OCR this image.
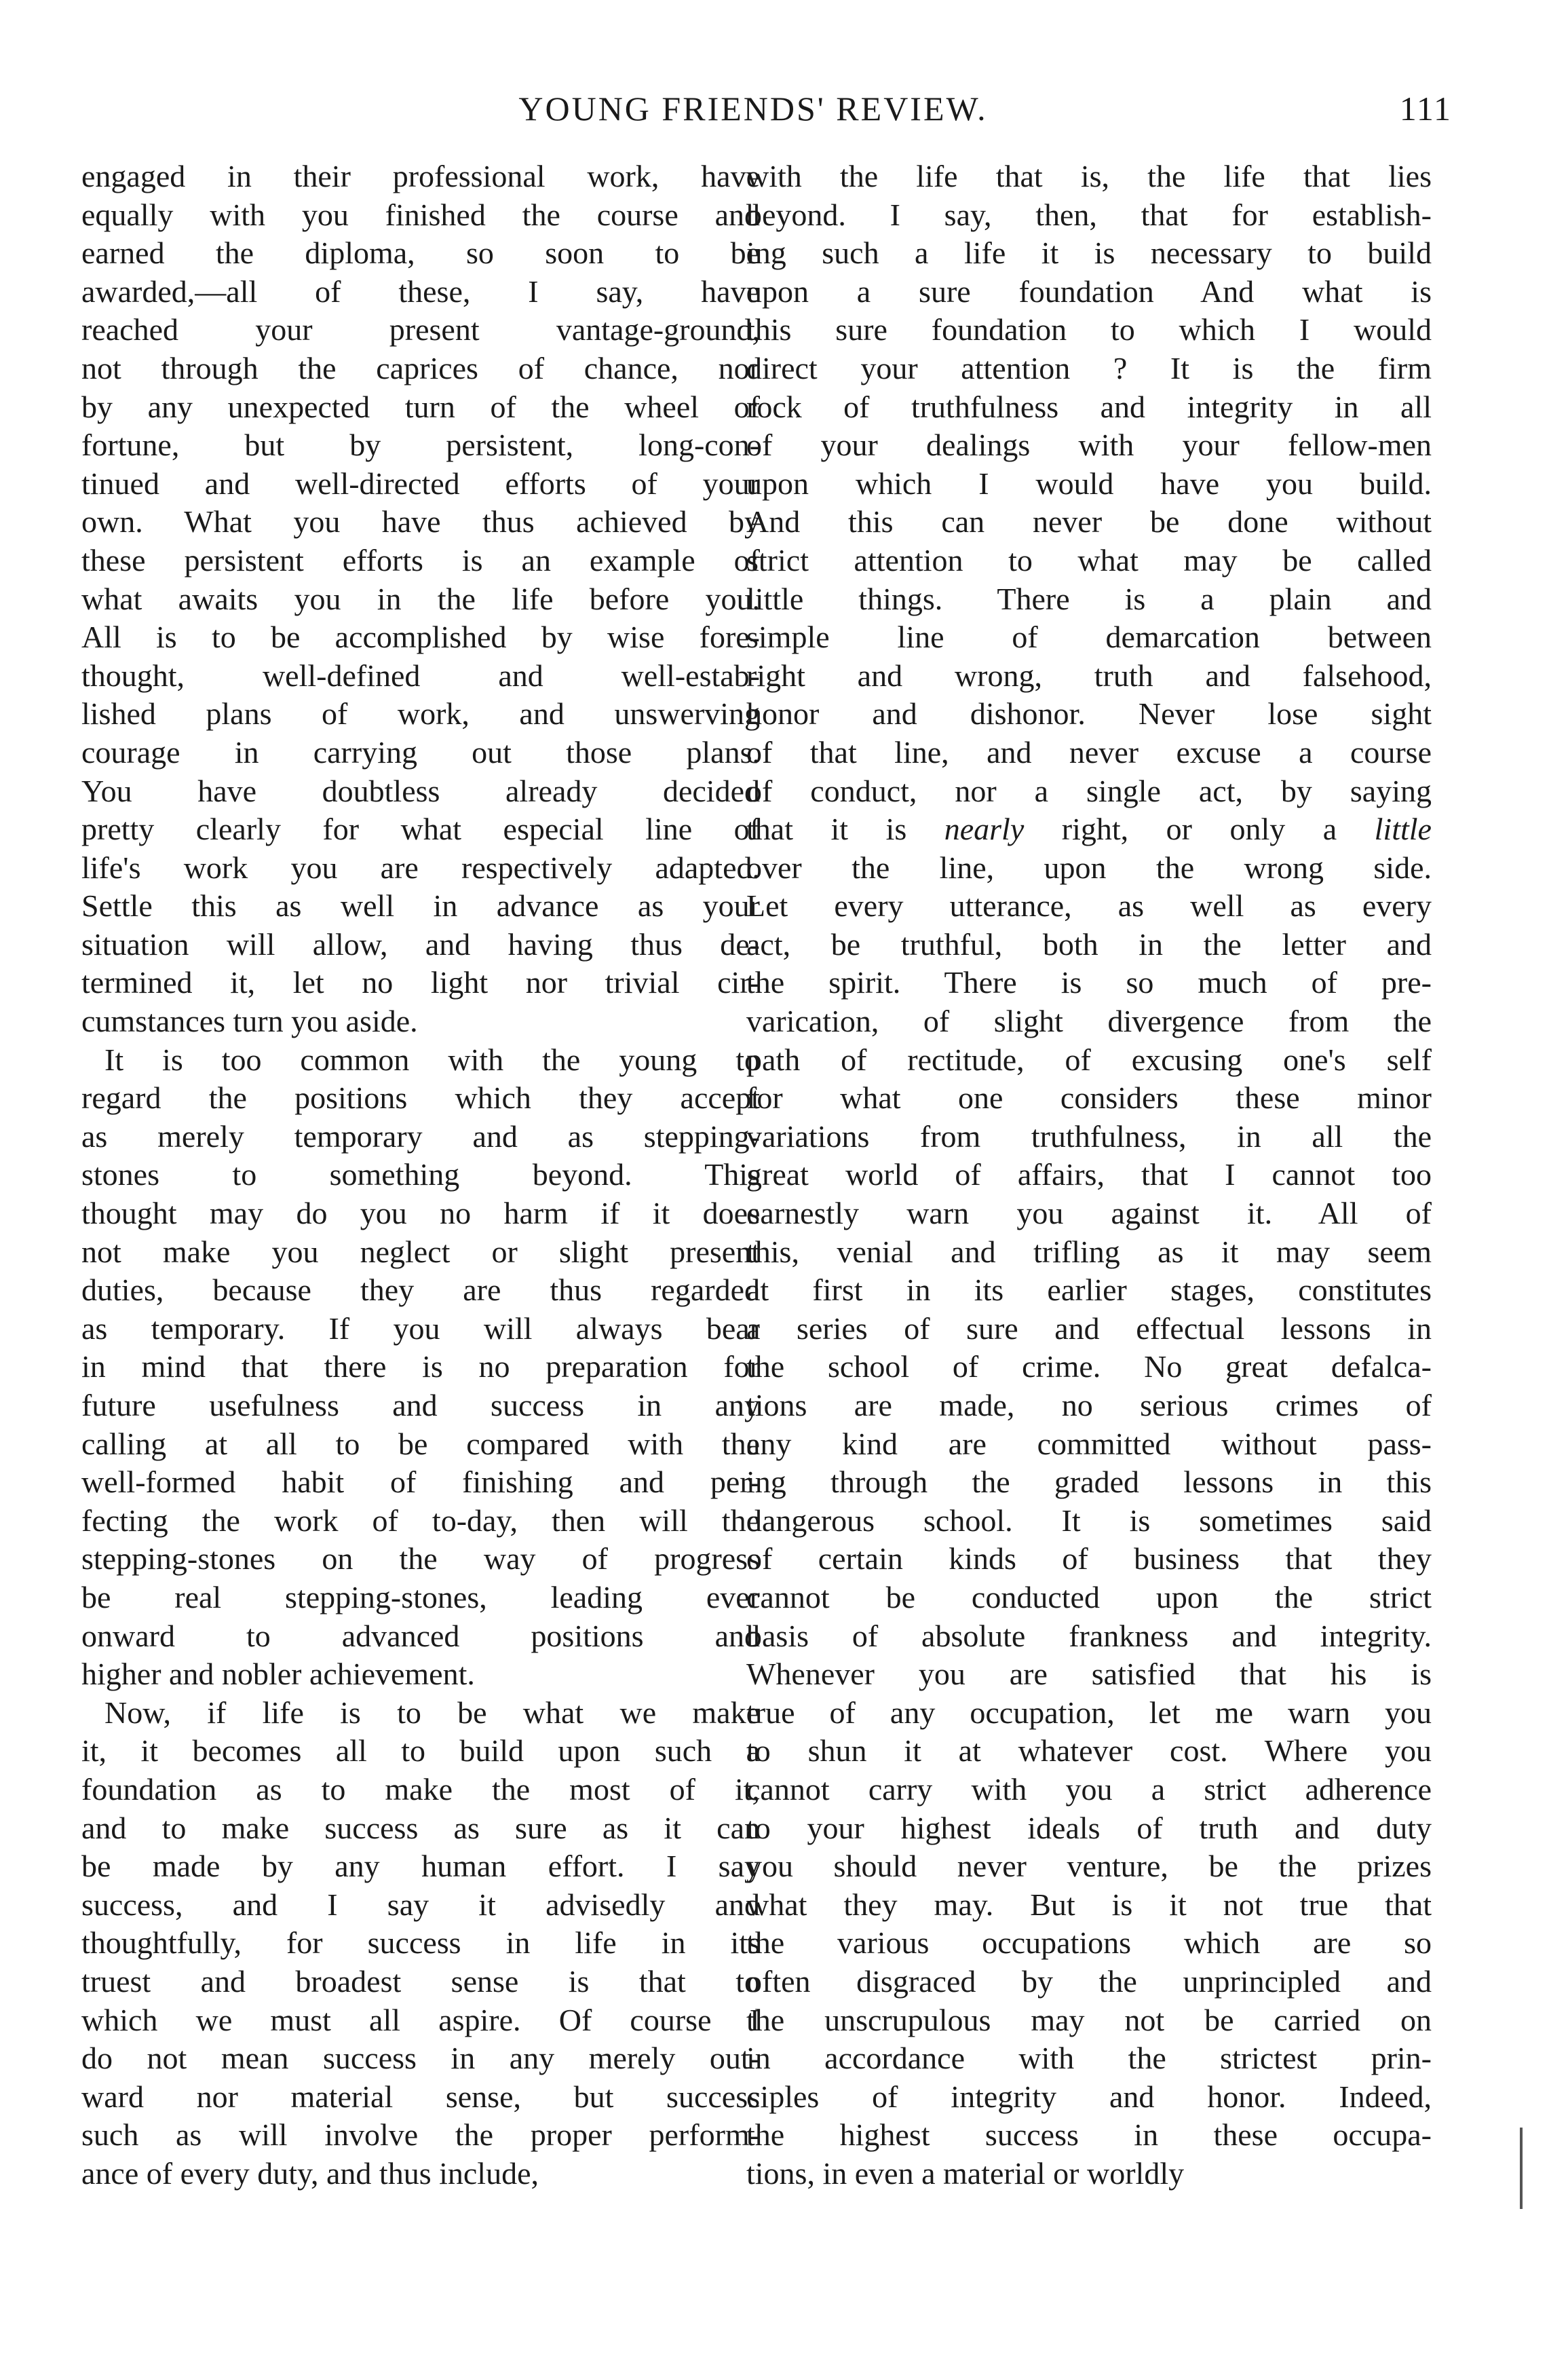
YOUNG FRIENDS' REVIEW.	111
engaged in their professional work, have
equally with you finished the course and
earned the diploma, so soon to be
awarded,—all of these, I say, have
reached your present vantage-ground,
not through the caprices of chance, nor
by any unexpected turn of the wheel of
fortune, but by persistent, long-con-
tinued and well-directed efforts of your
own. What you have thus achieved by
these persistent efforts is an example of
what awaits you in the life before you.
All is to be accomplished by wise fore-
thought, well-defined and well-estab-
lished plans of work, and unswerving
courage in carrying out those plans.
You have doubtless already decided
pretty clearly for what especial line of
life's work you are respectively adapted.
Settle this as well in advance as your
situation will allow, and having thus de-
termined it, let no light nor trivial cir-
cumstances turn you aside.
It is too common with the young to
regard the positions which they accept
as merely temporary and as stepping-
stones to something beyond. This
thought may do you no harm if it does
not make you neglect or slight present
duties, because they are thus regarded
as temporary. If you will always bear
in mind that there is no preparation for
future usefulness and success in any
calling at all to be compared with the
well-formed habit of finishing and per-
fecting the work of to-day, then will the
stepping-stones on the way of progress
be real stepping-stones, leading ever
onward to advanced positions and
higher and nobler achievement.
Now, if life is to be what we make
it, it becomes all to build upon such a
foundation as to make the most of it,
and to make success as sure as it can
be made by any human effort. I say
success, and I say it advisedly and
thoughtfully, for success in life in its
truest and broadest sense is that to
which we must all aspire. Of course I
do not mean success in any merely out-
ward nor material sense, but success
such as will involve the proper perform-
ance of every duty, and thus include,
with the life that is, the life that lies
beyond. I say, then, that for establish-
ing such a life it is necessary to build
upon a sure foundation And what is
this sure foundation to which I would
direct your attention ? It is the firm
rock of truthfulness and integrity in all
of your dealings with your fellow-men
upon which I would have you build.
And this can never be done without
strict attention to what may be called
little things. There is a plain and
simple line of demarcation between
right and wrong, truth and falsehood,
honor and dishonor. Never lose sight
of that line, and never excuse a course
of conduct, nor a single act, by saying
that it is nearly right, or only a little
over the line, upon the wrong side.
Let every utterance, as well as every
act, be truthful, both in the letter and
the spirit. There is so much of pre-
varication, of slight divergence from the
path of rectitude, of excusing one's self
for what one considers these minor
variations from truthfulness, in all the
great world of affairs, that I cannot too
earnestly warn you against it. All of
this, venial and trifling as it may seem
at first in its earlier stages, constitutes
a series of sure and effectual lessons in
the school of crime. No great defalca-
tions are made, no serious crimes of
any kind are committed without pass-
ing through the graded lessons in this
dangerous school. It is sometimes said
of certain kinds of business that they
cannot be conducted upon the strict
basis of absolute frankness and integrity.
Whenever you are satisfied that his is
true of any occupation, let me warn you
to shun it at whatever cost. Where you
cannot carry with you a strict adherence
to your highest ideals of truth and duty
you should never venture, be the prizes
what they may. But is it not true that
the various occupations which are so
often disgraced by the unprincipled and
the unscrupulous may not be carried on
in accordance with the strictest prin-
ciples of integrity and honor. Indeed,
the highest success in these occupa-
tions, in even a material or worldly
